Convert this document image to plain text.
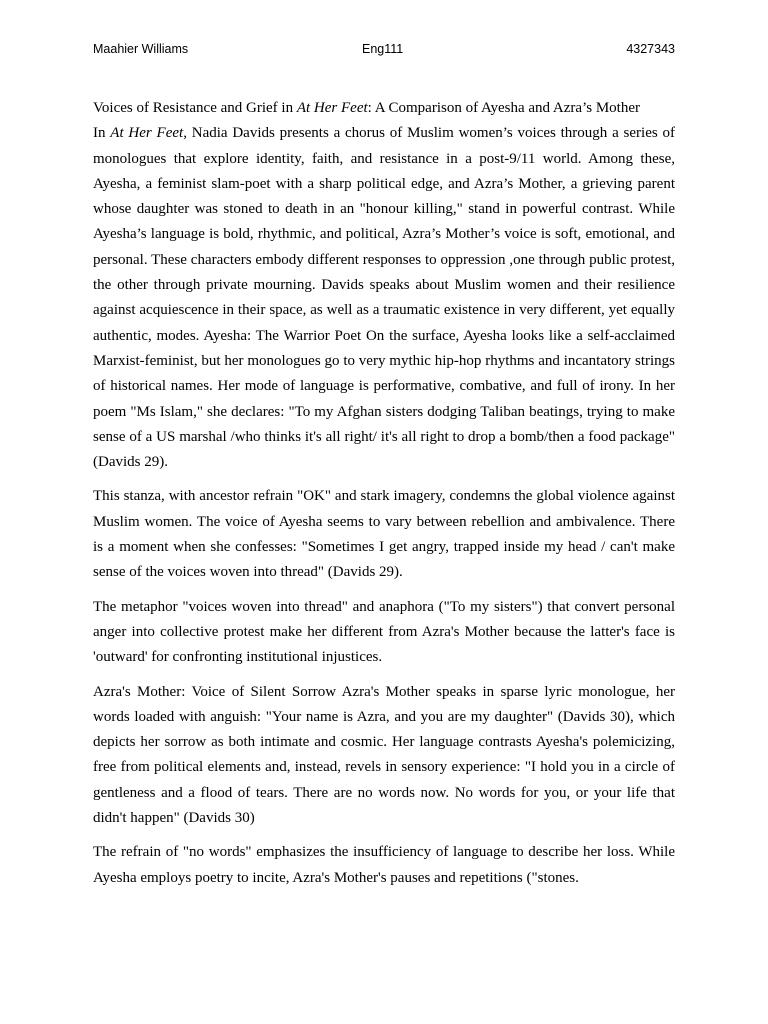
Maahier Williams	Eng111	4327343

Voices of Resistance and Grief in At Her Feet: A Comparison of Ayesha and Azra’s Mother
In At Her Feet, Nadia Davids presents a chorus of Muslim women’s voices through a series of monologues that explore identity, faith, and resistance in a post-9/11 world. Among these, Ayesha, a feminist slam-poet with a sharp political edge, and Azra’s Mother, a grieving parent whose daughter was stoned to death in an "honour killing," stand in powerful contrast. While Ayesha’s language is bold, rhythmic, and political, Azra’s Mother’s voice is soft, emotional, and personal. These characters embody different responses to oppression ,one through public protest, the other through private mourning. Davids speaks about Muslim women and their resilience against acquiescence in their space, as well as a traumatic existence in very different, yet equally authentic, modes. Ayesha: The Warrior Poet On the surface, Ayesha looks like a self-acclaimed Marxist-feminist, but her monologues go to very mythic hip-hop rhythms and incantatory strings of historical names. Her mode of language is performative, combative, and full of irony. In her poem "Ms Islam," she declares: "To my Afghan sisters dodging Taliban beatings, trying to make sense of a US marshal /who thinks it's all right/ it's all right to drop a bomb/then a food package" (Davids 29).

This stanza, with ancestor refrain "OK" and stark imagery, condemns the global violence against Muslim women. The voice of Ayesha seems to vary between rebellion and ambivalence. There is a moment when she confesses: "Sometimes I get angry, trapped inside my head / can't make sense of the voices woven into thread" (Davids 29).

The metaphor "voices woven into thread" and anaphora ("To my sisters") that convert personal anger into collective protest make her different from Azra's Mother because the latter's face is 'outward' for confronting institutional injustices.

Azra's Mother: Voice of Silent Sorrow Azra's Mother speaks in sparse lyric monologue, her words loaded with anguish: "Your name is Azra, and you are my daughter" (Davids 30), which depicts her sorrow as both intimate and cosmic. Her language contrasts Ayesha's polemicizing, free from political elements and, instead, revels in sensory experience: "I hold you in a circle of gentleness and a flood of tears. There are no words now. No words for you, or your life that didn't happen" (Davids 30)

The refrain of "no words" emphasizes the insufficiency of language to describe her loss. While Ayesha employs poetry to incite, Azra's Mother's pauses and repetitions ("stones.
